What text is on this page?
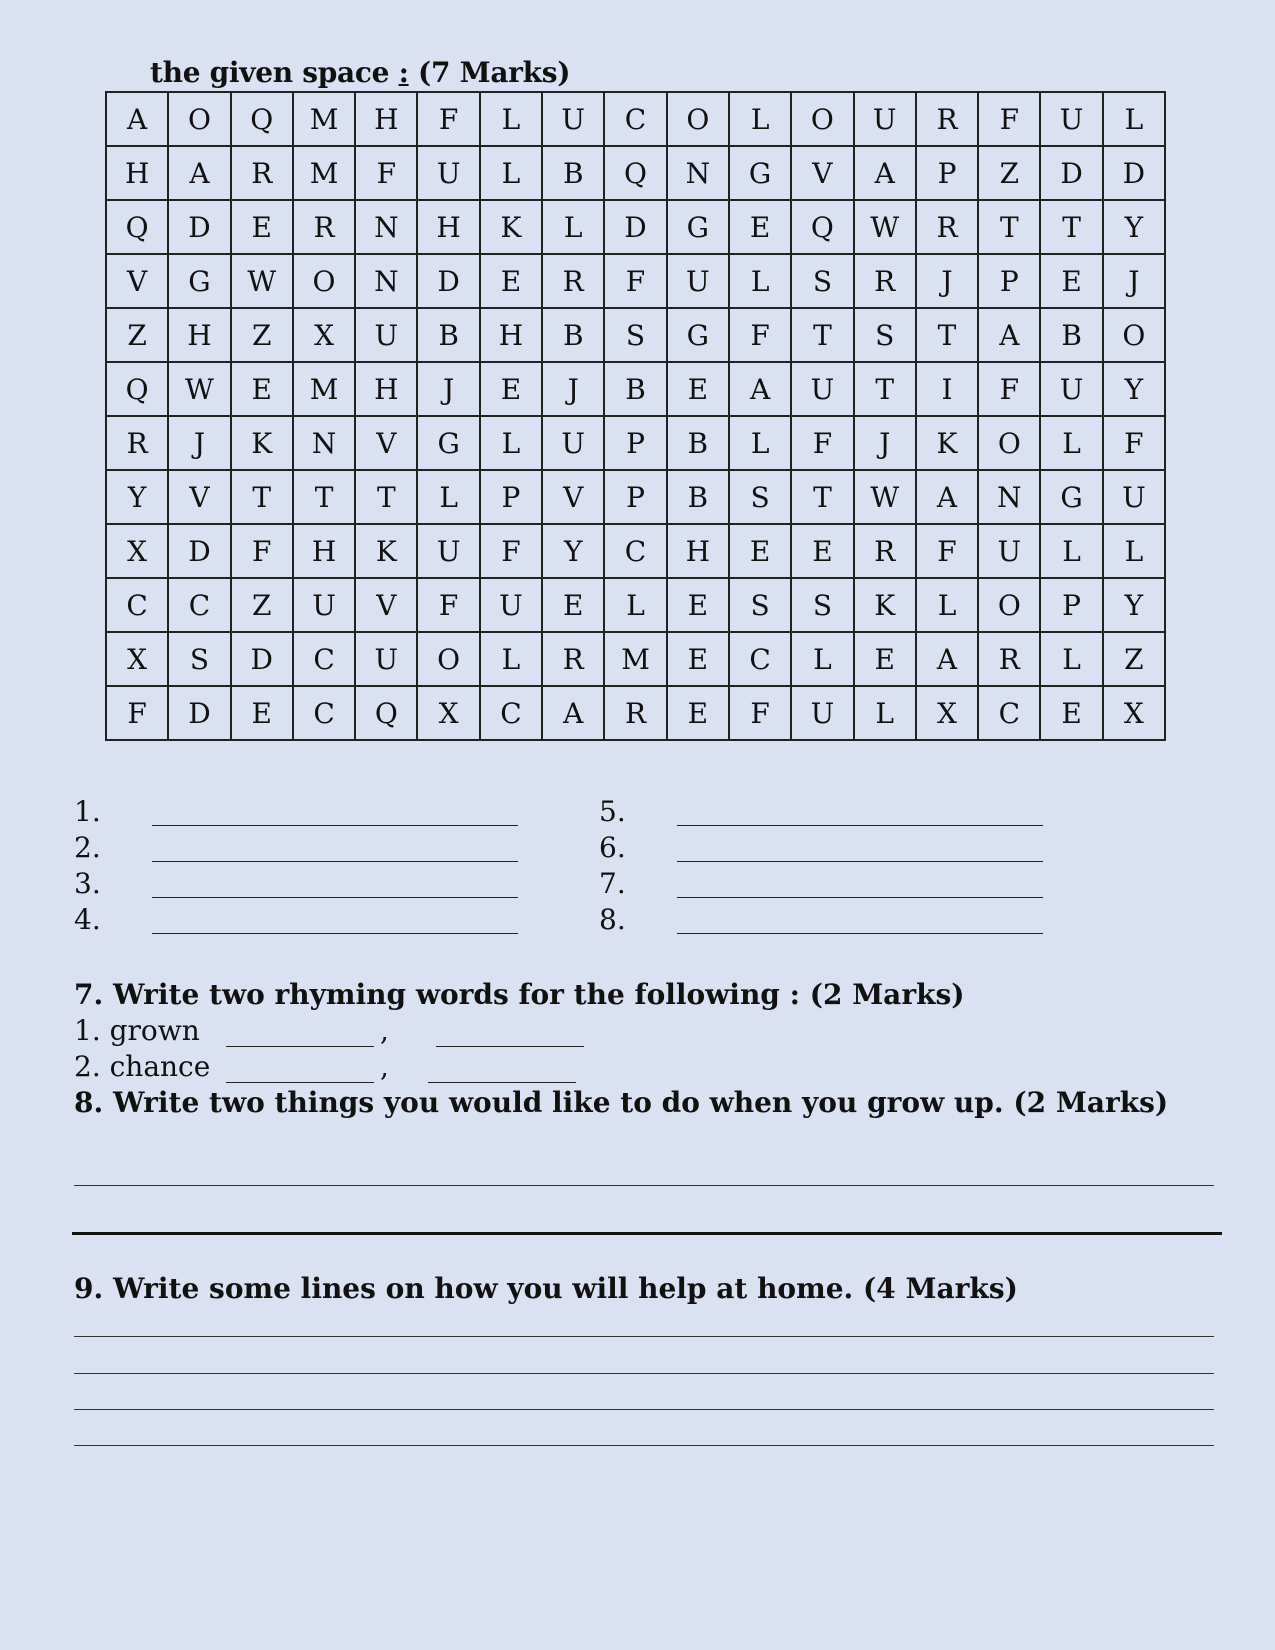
the given space : (7 Marks)
A	O	Q	M	H	F	L	U	C	O	L	O	U	R	F	U	L
H	A	R	M	F	U	L	B	Q	N	G	V	A	P	Z	D	D
Q	D	E	R	N	H	K	L	D	G	E	Q	W	R	T	T	Y
V	G	W	O	N	D	E	R	F	U	L	S	R	J	P	E	J
Z	H	Z	X	U	B	H	B	S	G	F	T	S	T	A	B	O
Q	W	E	M	H	J	E	J	B	E	A	U	T	I	F	U	Y
R	J	K	N	V	G	L	U	P	B	L	F	J	K	O	L	F
Y	V	T	T	T	L	P	V	P	B	S	T	W	A	N	G	U
X	D	F	H	K	U	F	Y	C	H	E	E	R	F	U	L	L
C	C	Z	U	V	F	U	E	L	E	S	S	K	L	O	P	Y
X	S	D	C	U	O	L	R	M	E	C	L	E	A	R	L	Z
F	D	E	C	Q	X	C	A	R	E	F	U	L	X	C	E	X
1.
2.
3.
4.
5.
6.
7.
8.
7. Write two rhyming words for the following : (2 Marks)
1. grown	,
2. chance	,
8. Write two things you would like to do when you grow up. (2 Marks)
9. Write some lines on how you will help at home. (4 Marks)
